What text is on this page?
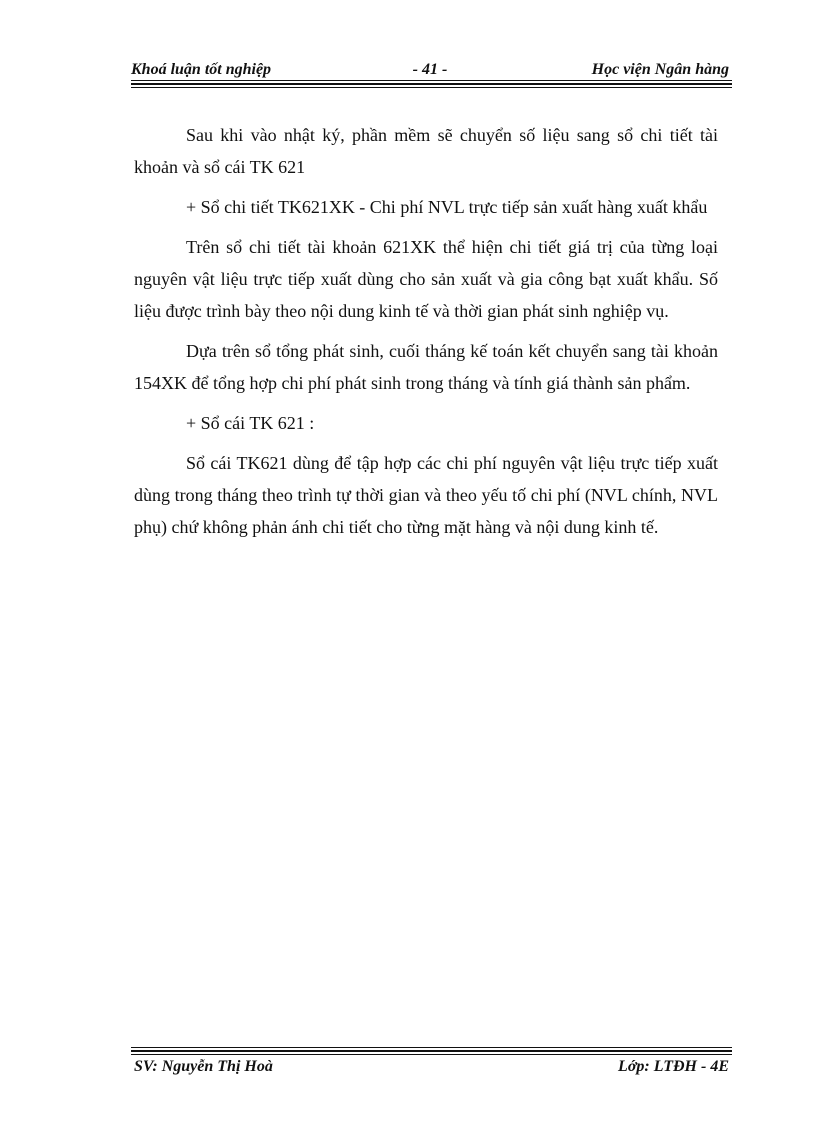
Khoá luận tốt nghiệp	- 41 -	Học viện Ngân hàng

Sau khi vào nhật ký, phần mềm sẽ chuyển số liệu sang sổ chi tiết tài khoản và sổ cái TK 621

+ Sổ chi tiết TK621XK - Chi phí NVL trực tiếp sản xuất hàng xuất khẩu

Trên sổ chi tiết tài khoản 621XK thể hiện chi tiết giá trị của từng loại nguyên vật liệu trực tiếp xuất dùng cho sản xuất và gia công bạt xuất khẩu. Số liệu được trình bày theo nội dung kinh tế và thời gian phát sinh nghiệp vụ.

Dựa trên sổ tổng phát sinh, cuối tháng kế toán kết chuyển sang tài khoản 154XK để tổng hợp chi phí phát sinh trong tháng và tính giá thành sản phẩm.

+ Sổ cái TK 621 :

Sổ cái TK621 dùng để tập hợp các chi phí nguyên vật liệu trực tiếp xuất dùng trong tháng theo trình tự thời gian và theo yếu tố chi phí (NVL chính, NVL phụ) chứ không phản ánh chi tiết cho từng mặt hàng và nội dung kinh tế.

SV: Nguyễn Thị Hoà	Lớp: LTĐH - 4E
